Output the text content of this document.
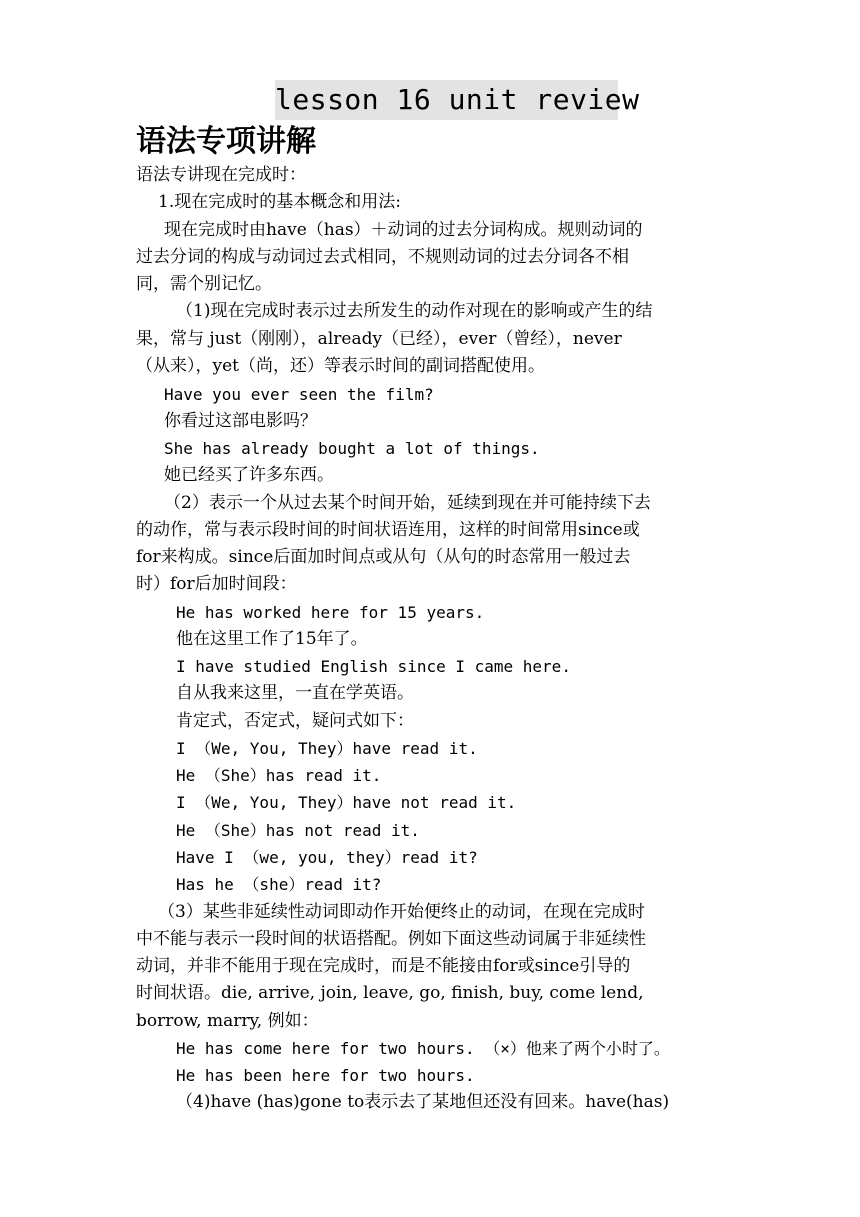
lesson 16 unit review
语法专项讲解
语法专讲现在完成时：
1.现在完成时的基本概念和用法:
现在完成时由have（has）＋动词的过去分词构成。规则动词的
过去分词的构成与动词过去式相同，不规则动词的过去分词各不相
同，需个别记忆。
（1)现在完成时表示过去所发生的动作对现在的影响或产生的结
果，常与 just（刚刚），already（已经），ever（曾经），never
（从来），yet（尚，还）等表示时间的副词搭配使用。
Have you ever seen the film?
你看过这部电影吗？
She has already bought a lot of things.
她已经买了许多东西。
（2）表示一个从过去某个时间开始，延续到现在并可能持续下去
的动作，常与表示段时间的时间状语连用，这样的时间常用since或
for来构成。since后面加时间点或从句（从句的时态常用一般过去
时）for后加时间段：
He has worked here for 15 years.
他在这里工作了15年了。
I have studied English since I came here.
自从我来这里，一直在学英语。
肯定式，否定式，疑问式如下：
I （We, You, They）have read it.
He （She）has read it.
I （We, You, They）have not read it.
He （She）has not read it.
Have I （we, you, they）read it?
Has he （she）read it?
（3）某些非延续性动词即动作开始便终止的动词，在现在完成时
中不能与表示一段时间的状语搭配。例如下面这些动词属于非延续性
动词，并非不能用于现在完成时，而是不能接由for或since引导的
时间状语。die, arrive, join, leave, go, finish, buy, come lend,
borrow, marry, 例如：
He has come here for two hours. （×）他来了两个小时了。
He has been here for two hours.
（4)have (has)gone to表示去了某地但还没有回来。have(has)
